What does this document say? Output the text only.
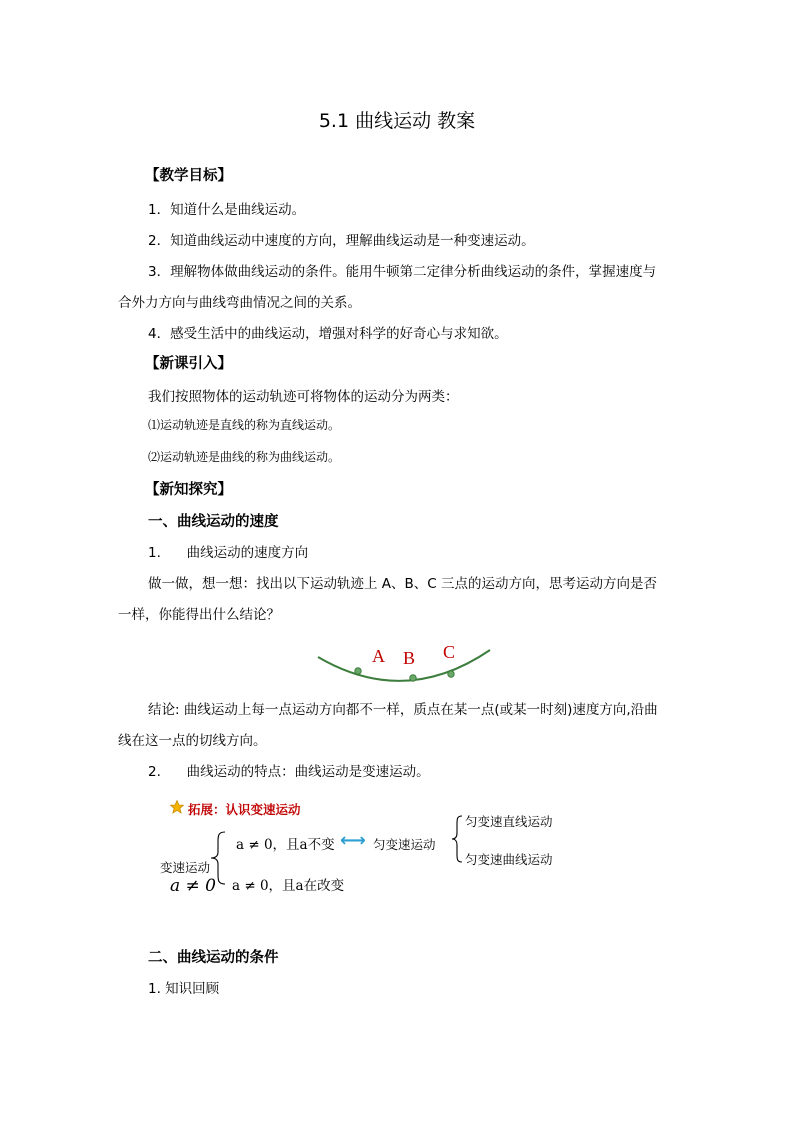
5.1 曲线运动 教案
【教学目标】
1．知道什么是曲线运动。
2．知道曲线运动中速度的方向，理解曲线运动是一种变速运动。
3．理解物体做曲线运动的条件。能用牛顿第二定律分析曲线运动的条件，掌握速度与
合外力方向与曲线弯曲情况之间的关系。
4．感受生活中的曲线运动，增强对科学的好奇心与求知欲。
【新课引入】
我们按照物体的运动轨迹可将物体的运动分为两类：
⑴运动轨迹是直线的称为直线运动。
⑵运动轨迹是曲线的称为曲线运动。
【新知探究】
一、曲线运动的速度
1.      曲线运动的速度方向
做一做，想一想：找出以下运动轨迹上 A、B、C 三点的运动方向，思考运动方向是否
一样，你能得出什么结论？
A B C
结论: 曲线运动上每一点运动方向都不一样，质点在某一点(或某一时刻)速度方向,沿曲
线在这一点的切线方向。
2.      曲线运动的特点：曲线运动是变速运动。
拓展：认识变速运动
变速运动
a ≠ 0
a ≠ 0，且a不变 ⟷ 匀变速运动
匀变速直线运动
匀变速曲线运动
a ≠ 0，且a在改变
二、曲线运动的条件
1. 知识回顾
